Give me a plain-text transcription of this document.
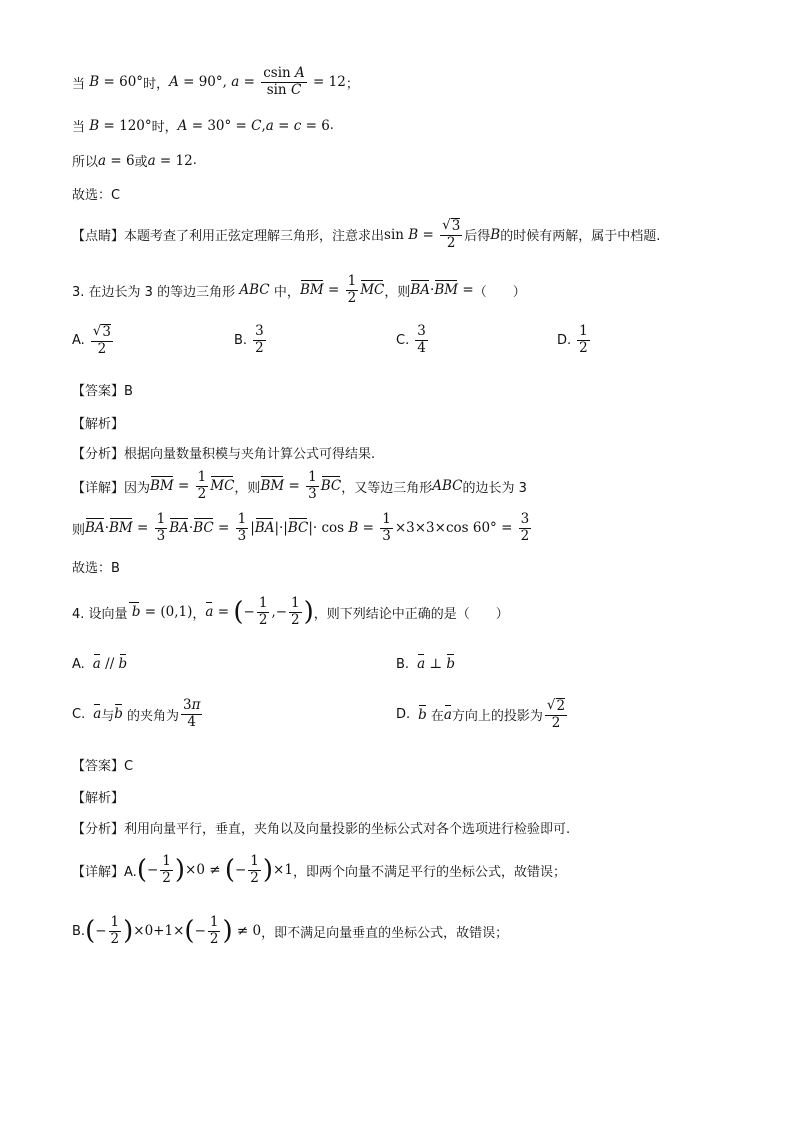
当 B = 60° 时， A = 90°, $a = \frac{\text{csin A}}{\text{sin C}} = 12$ ；
当 B = 120° 时， A = 30° = C , a = c = 6 .
所以 a = 6 或 a = 12 .
故选：C
【点睛】本题考查了利用正弦定理解三角形，注意求出 $\sin B = \frac{√ 3}{2}$ 后得 B 的时候有两解，属于中档题.
3. 在边长为 3 的等边三角形 ABC 中， BM = $\frac{1}{2}$ MC ，则 BA · BM = （　　）
A. $\frac{√ 3}{2}$	B. $\frac{3}{2}$	C. $\frac{3}{4}$	D. $\frac{1}{2}$
【答案】B
【解析】
【分析】根据向量数量积模与夹角计算公式可得结果.
【详解】因为 BM = $\frac{1}{2}$ MC ，则 BM = $\frac{1}{3}$ BC ，又等边三角形 ABC 的边长为 3
则 BA · BM = $\frac{1}{3}$ BA · BC = $\frac{1}{3}$ | BA |·| BC |· $\cos B = \frac{1}{3} \times 3\times 3\times\cos$ $60^\circ = \frac{3}{2}$
故选：B
4. 设向量 b = (0,1) ， a = ( − $\frac{1}{2}$ ,− $\frac{1}{2}$ ) ，则下列结论中正确的是（　　）
A. a // b	B. a ⊥ b
C. a 与 b 的夹角为 $\frac{3\pi}{4}$	D. b 在 a 方向上的投影为 $\frac{√ 2}{2}$
【答案】C
【解析】
【分析】利用向量平行，垂直，夹角以及向量投影的坐标公式对各个选项进行检验即可.
【详解】A. ( − $\frac{1}{2}$ ) ×0 ≠ ( − $\frac{1}{2}$ ) ×1 ，即两个向量不满足平行的坐标公式，故错误；
B. ( − $\frac{1}{2}$ ) ×0+1× ( − $\frac{1}{2}$ ) ≠ 0 ，即不满足向量垂直的坐标公式，故错误；
